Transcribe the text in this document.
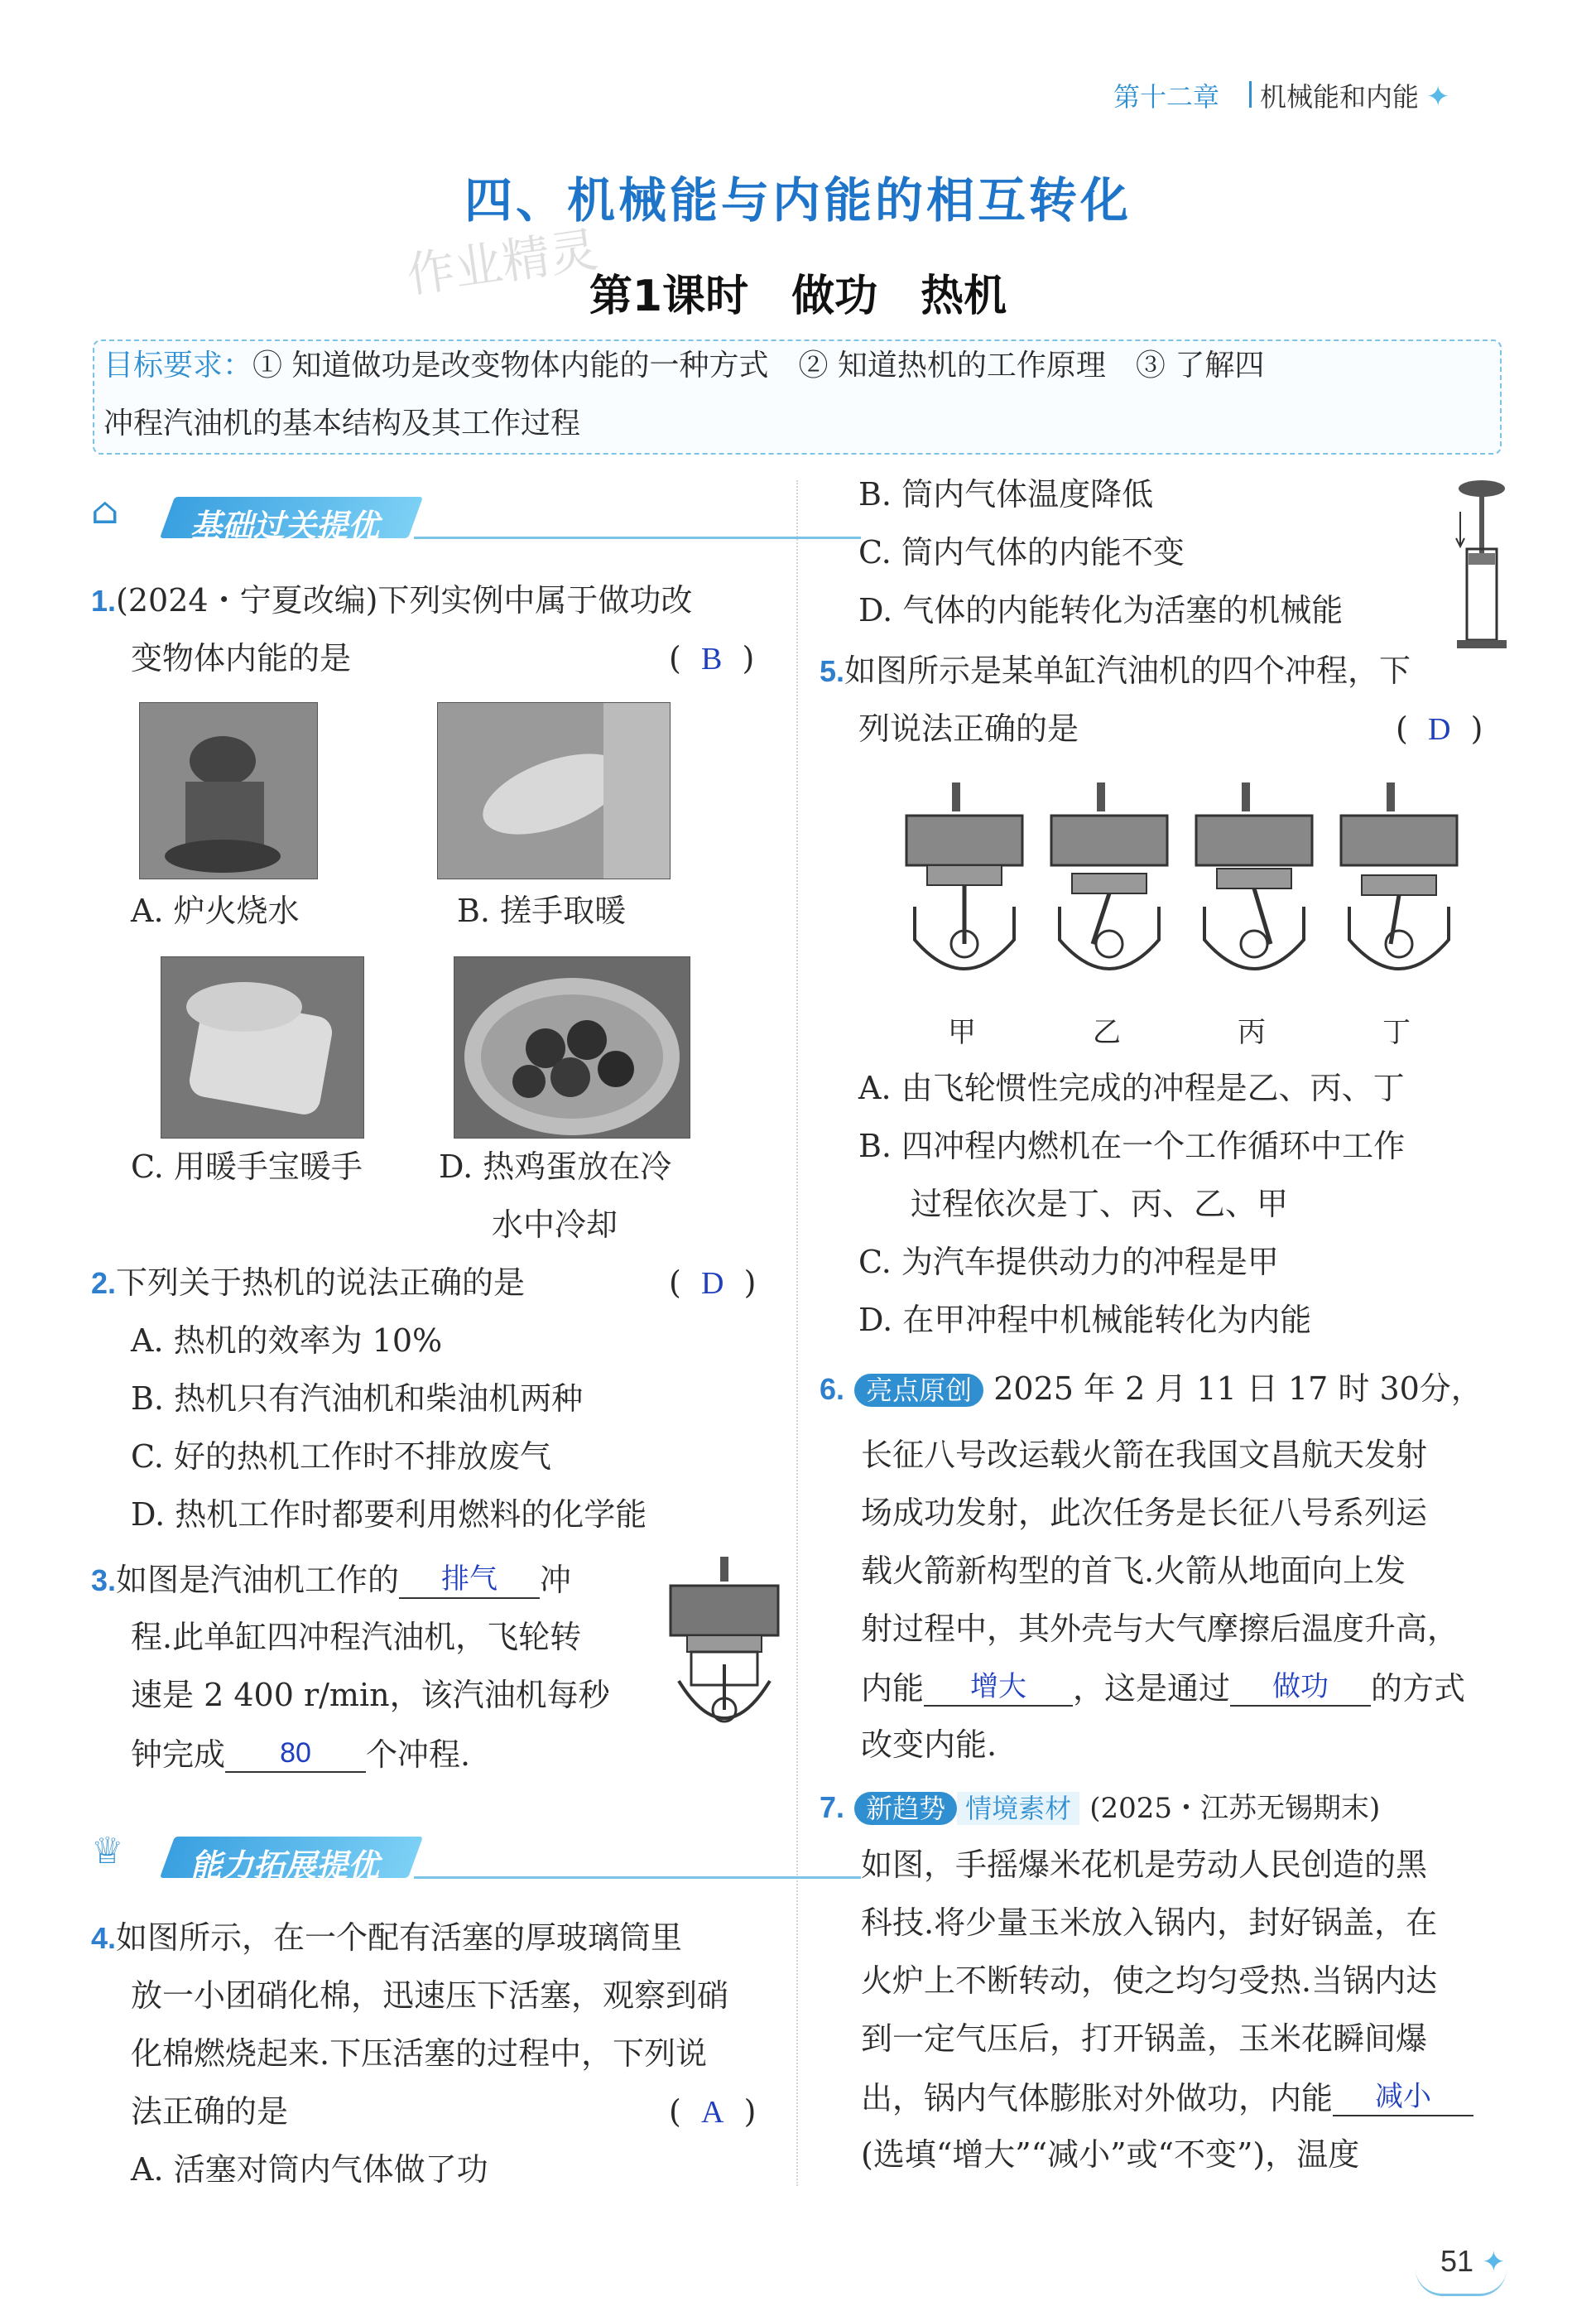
第十二章 机械能和内能 ✦
四、机械能与内能的相互转化
作业精灵
第1课时　做功　热机
目标要求：① 知道做功是改变物体内能的一种方式　② 知道热机的工作原理　③ 了解四
冲程汽油机的基本结构及其工作过程
⌂	基础过关提优
1.(2024・宁夏改编)下列实例中属于做功改
变物体内能的是	( B )
A. 炉火烧水	B. 搓手取暖
C. 用暖手宝暖手 D. 热鸡蛋放在冷
水中冷却
2.下列关于热机的说法正确的是	( D )
A. 热机的效率为 10%
B. 热机只有汽油机和柴油机两种
C. 好的热机工作时不排放废气
D. 热机工作时都要利用燃料的化学能
3.如图是汽油机工作的 排气 冲
程.此单缸四冲程汽油机，飞轮转
速是 2 400 r/min，该汽油机每秒
钟完成 80 个冲程.
♕	能力拓展提优
4.如图所示，在一个配有活塞的厚玻璃筒里
放一小团硝化棉，迅速压下活塞，观察到硝
化棉燃烧起来.下压活塞的过程中，下列说
法正确的是	( A )
A. 活塞对筒内气体做了功
B. 筒内气体温度降低
C. 筒内气体的内能不变
D. 气体的内能转化为活塞的机械能
5.如图所示是某单缸汽油机的四个冲程，下
列说法正确的是	( D )
甲	乙	丙	丁
A. 由飞轮惯性完成的冲程是乙、丙、丁
B. 四冲程内燃机在一个工作循环中工作
过程依次是丁、丙、乙、甲
C. 为汽车提供动力的冲程是甲
D. 在甲冲程中机械能转化为内能
6. 亮点原创 2025 年 2 月 11 日 17 时 30分，
长征八号改运载火箭在我国文昌航天发射
场成功发射，此次任务是长征八号系列运
载火箭新构型的首飞.火箭从地面向上发
射过程中，其外壳与大气摩擦后温度升高，
内能 增大 ，这是通过 做功 的方式
改变内能.
7. 新趋势 情境素材 (2025・江苏无锡期末)
如图，手摇爆米花机是劳动人民创造的黑
科技.将少量玉米放入锅内，封好锅盖，在
火炉上不断转动，使之均匀受热.当锅内达
到一定气压后，打开锅盖，玉米花瞬间爆
出，锅内气体膨胀对外做功，内能 减小
(选填“增大”“减小”或“不变”)，温度
51 ✦
